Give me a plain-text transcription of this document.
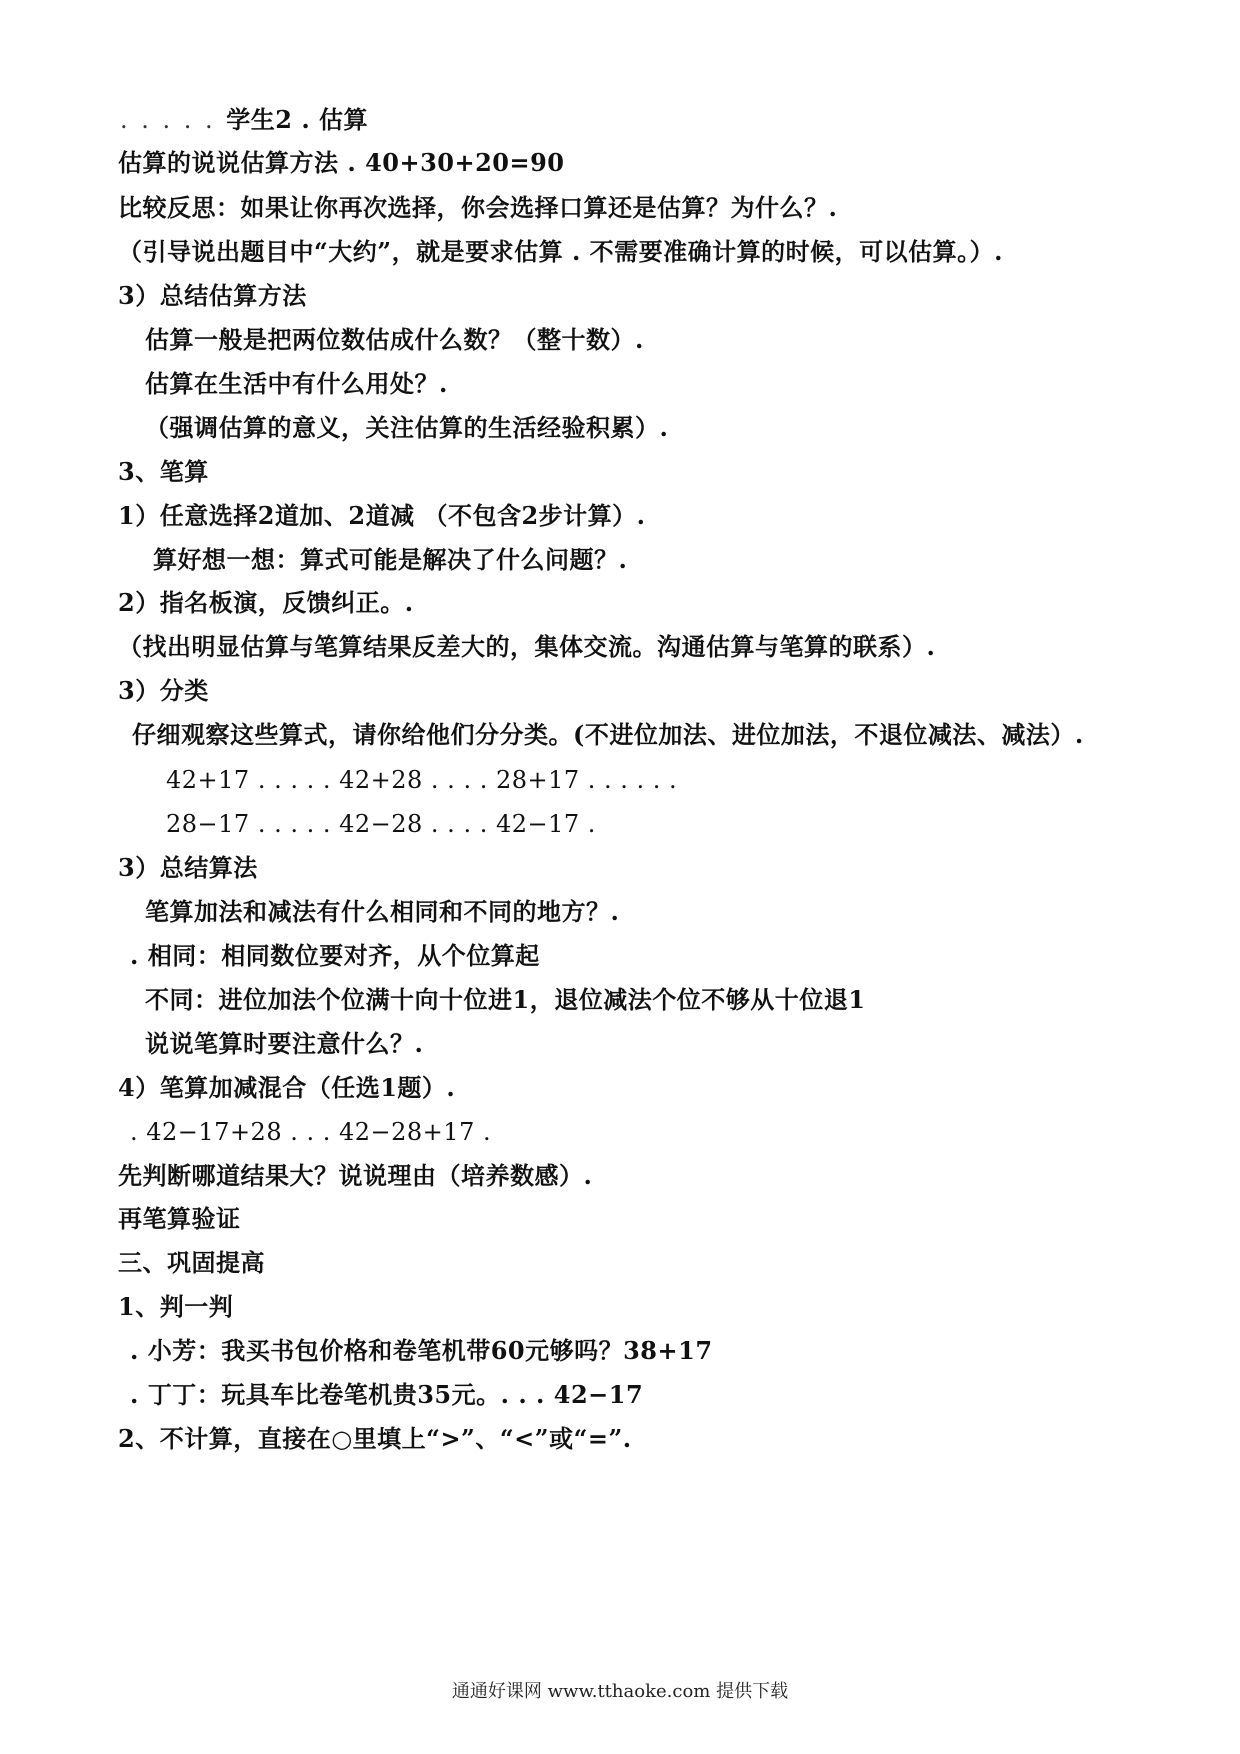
. . . . . 学生2 . 估算
估算的说说估算方法 . 40+30+20=90
比较反思：如果让你再次选择，你会选择口算还是估算？为什么？.
（引导说出题目中“大约”，就是要求估算 . 不需要准确计算的时候，可以估算。）.
3）总结估算方法
估算一般是把两位数估成什么数？（整十数）.
估算在生活中有什么用处？.
（强调估算的意义，关注估算的生活经验积累）.
3、笔算
1）任意选择2道加、2道减 （不包含2步计算）.
算好想一想：算式可能是解决了什么问题？.
2）指名板演，反馈纠正。.
（找出明显估算与笔算结果反差大的，集体交流。沟通估算与笔算的联系）.
3）分类
仔细观察这些算式，请你给他们分分类。(不进位加法、进位加法，不退位减法、减法）.
42+17 . . . . . 42+28 . . . . 28+17 . . . . . .
28−17 . . . . . 42−28 . . . . 42−17 .
3）总结算法
笔算加法和减法有什么相同和不同的地方？.
. 相同：相同数位要对齐，从个位算起
不同：进位加法个位满十向十位进1，退位减法个位不够从十位退1
说说笔算时要注意什么？.
4）笔算加减混合（任选1题）.
. 42−17+28 . . . 42−28+17 .
先判断哪道结果大？说说理由（培养数感）.
再笔算验证
三、巩固提高
1、判一判
. 小芳：我买书包价格和卷笔机带60元够吗？38+17
. 丁丁：玩具车比卷笔机贵35元。. . . 42−17
2、不计算，直接在○里填上“>”、“<”或“=”.
通通好课网 www.tthaoke.com 提供下载
